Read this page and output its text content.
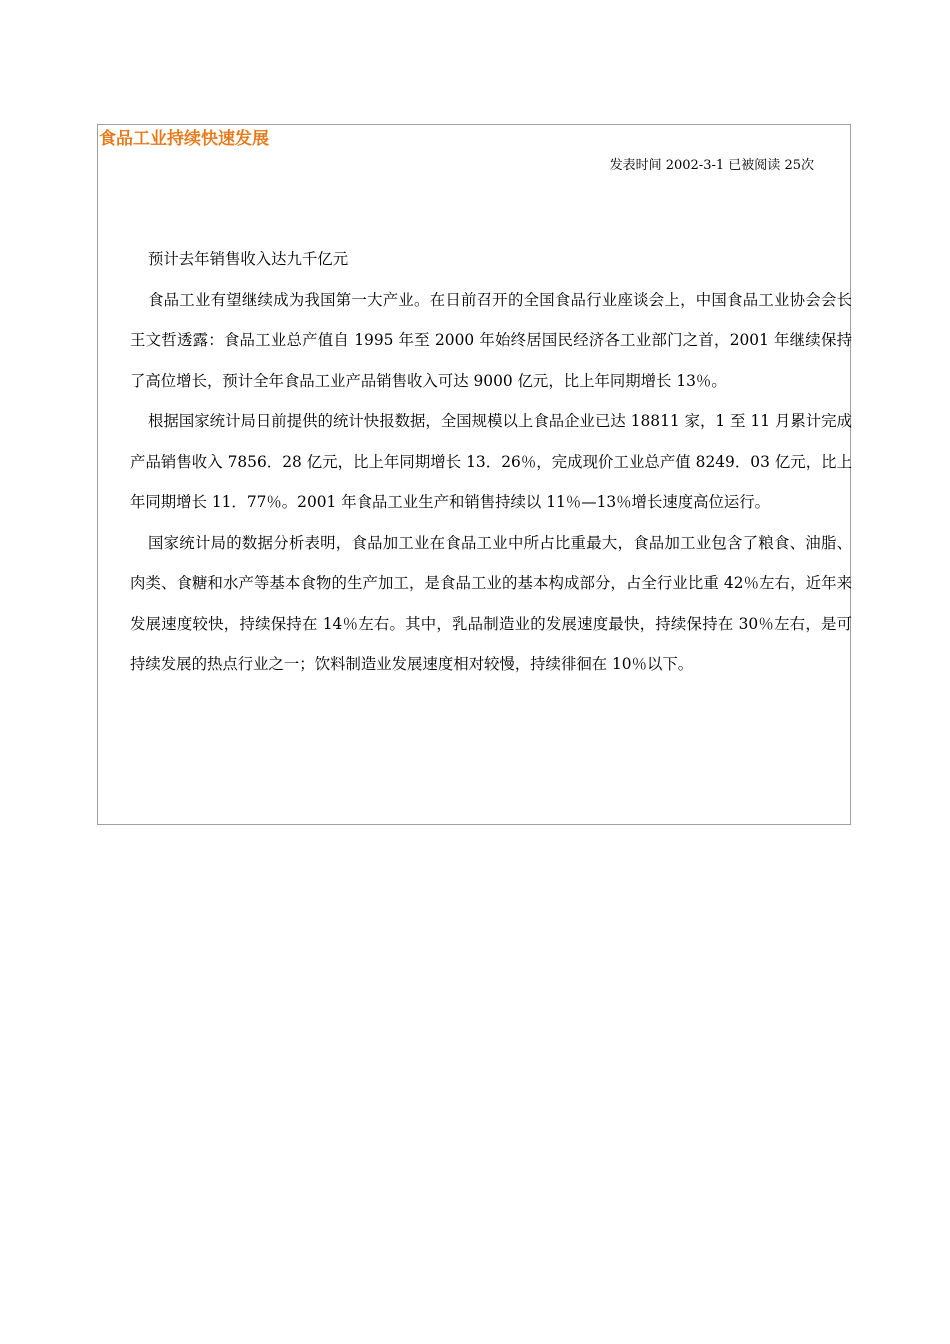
食品工业持续快速发展
发表时间 2002-3-1 已被阅读 25次

预计去年销售收入达九千亿元

食品工业有望继续成为我国第一大产业。在日前召开的全国食品行业座谈会上，中国食品工业协会会长王文哲透露：食品工业总产值自 1995 年至 2000 年始终居国民经济各工业部门之首，2001 年继续保持了高位增长，预计全年食品工业产品销售收入可达 9000 亿元，比上年同期增长 13％。

根据国家统计局日前提供的统计快报数据，全国规模以上食品企业已达 18811 家，1 至 11 月累计完成产品销售收入 7856．28 亿元，比上年同期增长 13．26％，完成现价工业总产值 8249．03 亿元，比上年同期增长 11．77％。2001 年食品工业生产和销售持续以 11％—13％增长速度高位运行。

国家统计局的数据分析表明，食品加工业在食品工业中所占比重最大，食品加工业包含了粮食、油脂、肉类、食糖和水产等基本食物的生产加工，是食品工业的基本构成部分，占全行业比重 42％左右，近年来发展速度较快，持续保持在 14％左右。其中，乳品制造业的发展速度最快，持续保持在 30％左右，是可持续发展的热点行业之一；饮料制造业发展速度相对较慢，持续徘徊在 10％以下。
